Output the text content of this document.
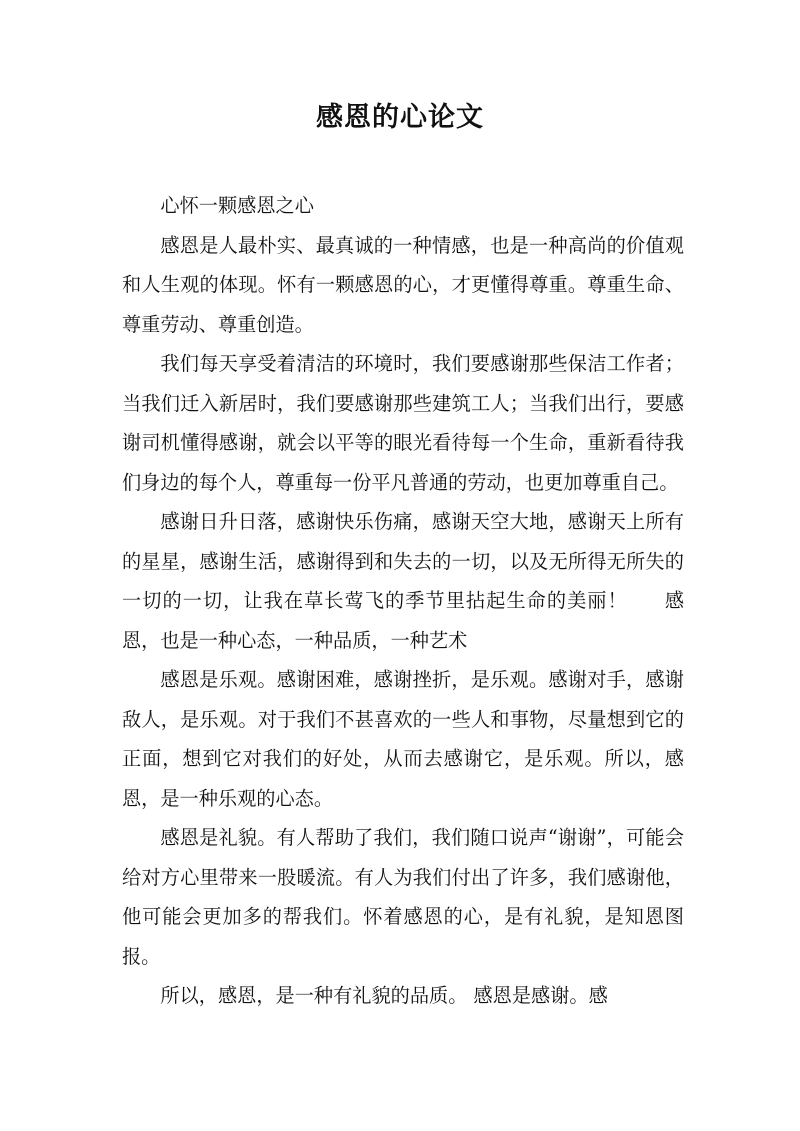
感恩的心论文

心怀一颗感恩之心

感恩是人最朴实、最真诚的一种情感，也是一种高尚的价值观和人生观的体现。怀有一颗感恩的心，才更懂得尊重。尊重生命、尊重劳动、尊重创造。

我们每天享受着清洁的环境时，我们要感谢那些保洁工作者；当我们迁入新居时，我们要感谢那些建筑工人；当我们出行，要感谢司机懂得感谢，就会以平等的眼光看待每一个生命，重新看待我们身边的每个人，尊重每一份平凡普通的劳动，也更加尊重自己。

感谢日升日落，感谢快乐伤痛，感谢天空大地，感谢天上所有的星星，感谢生活，感谢得到和失去的一切，以及无所得无所失的一切的一切，让我在草长莺飞的季节里拈起生命的美丽！ 感恩，也是一种心态，一种品质，一种艺术

感恩是乐观。感谢困难，感谢挫折，是乐观。感谢对手，感谢敌人，是乐观。对于我们不甚喜欢的一些人和事物，尽量想到它的正面，想到它对我们的好处，从而去感谢它，是乐观。所以，感恩，是一种乐观的心态。

感恩是礼貌。有人帮助了我们，我们随口说声“谢谢”，可能会给对方心里带来一股暖流。有人为我们付出了许多，我们感谢他，他可能会更加多的帮我们。怀着感恩的心，是有礼貌，是知恩图报。

所以，感恩，是一种有礼貌的品质。 感恩是感谢。感
